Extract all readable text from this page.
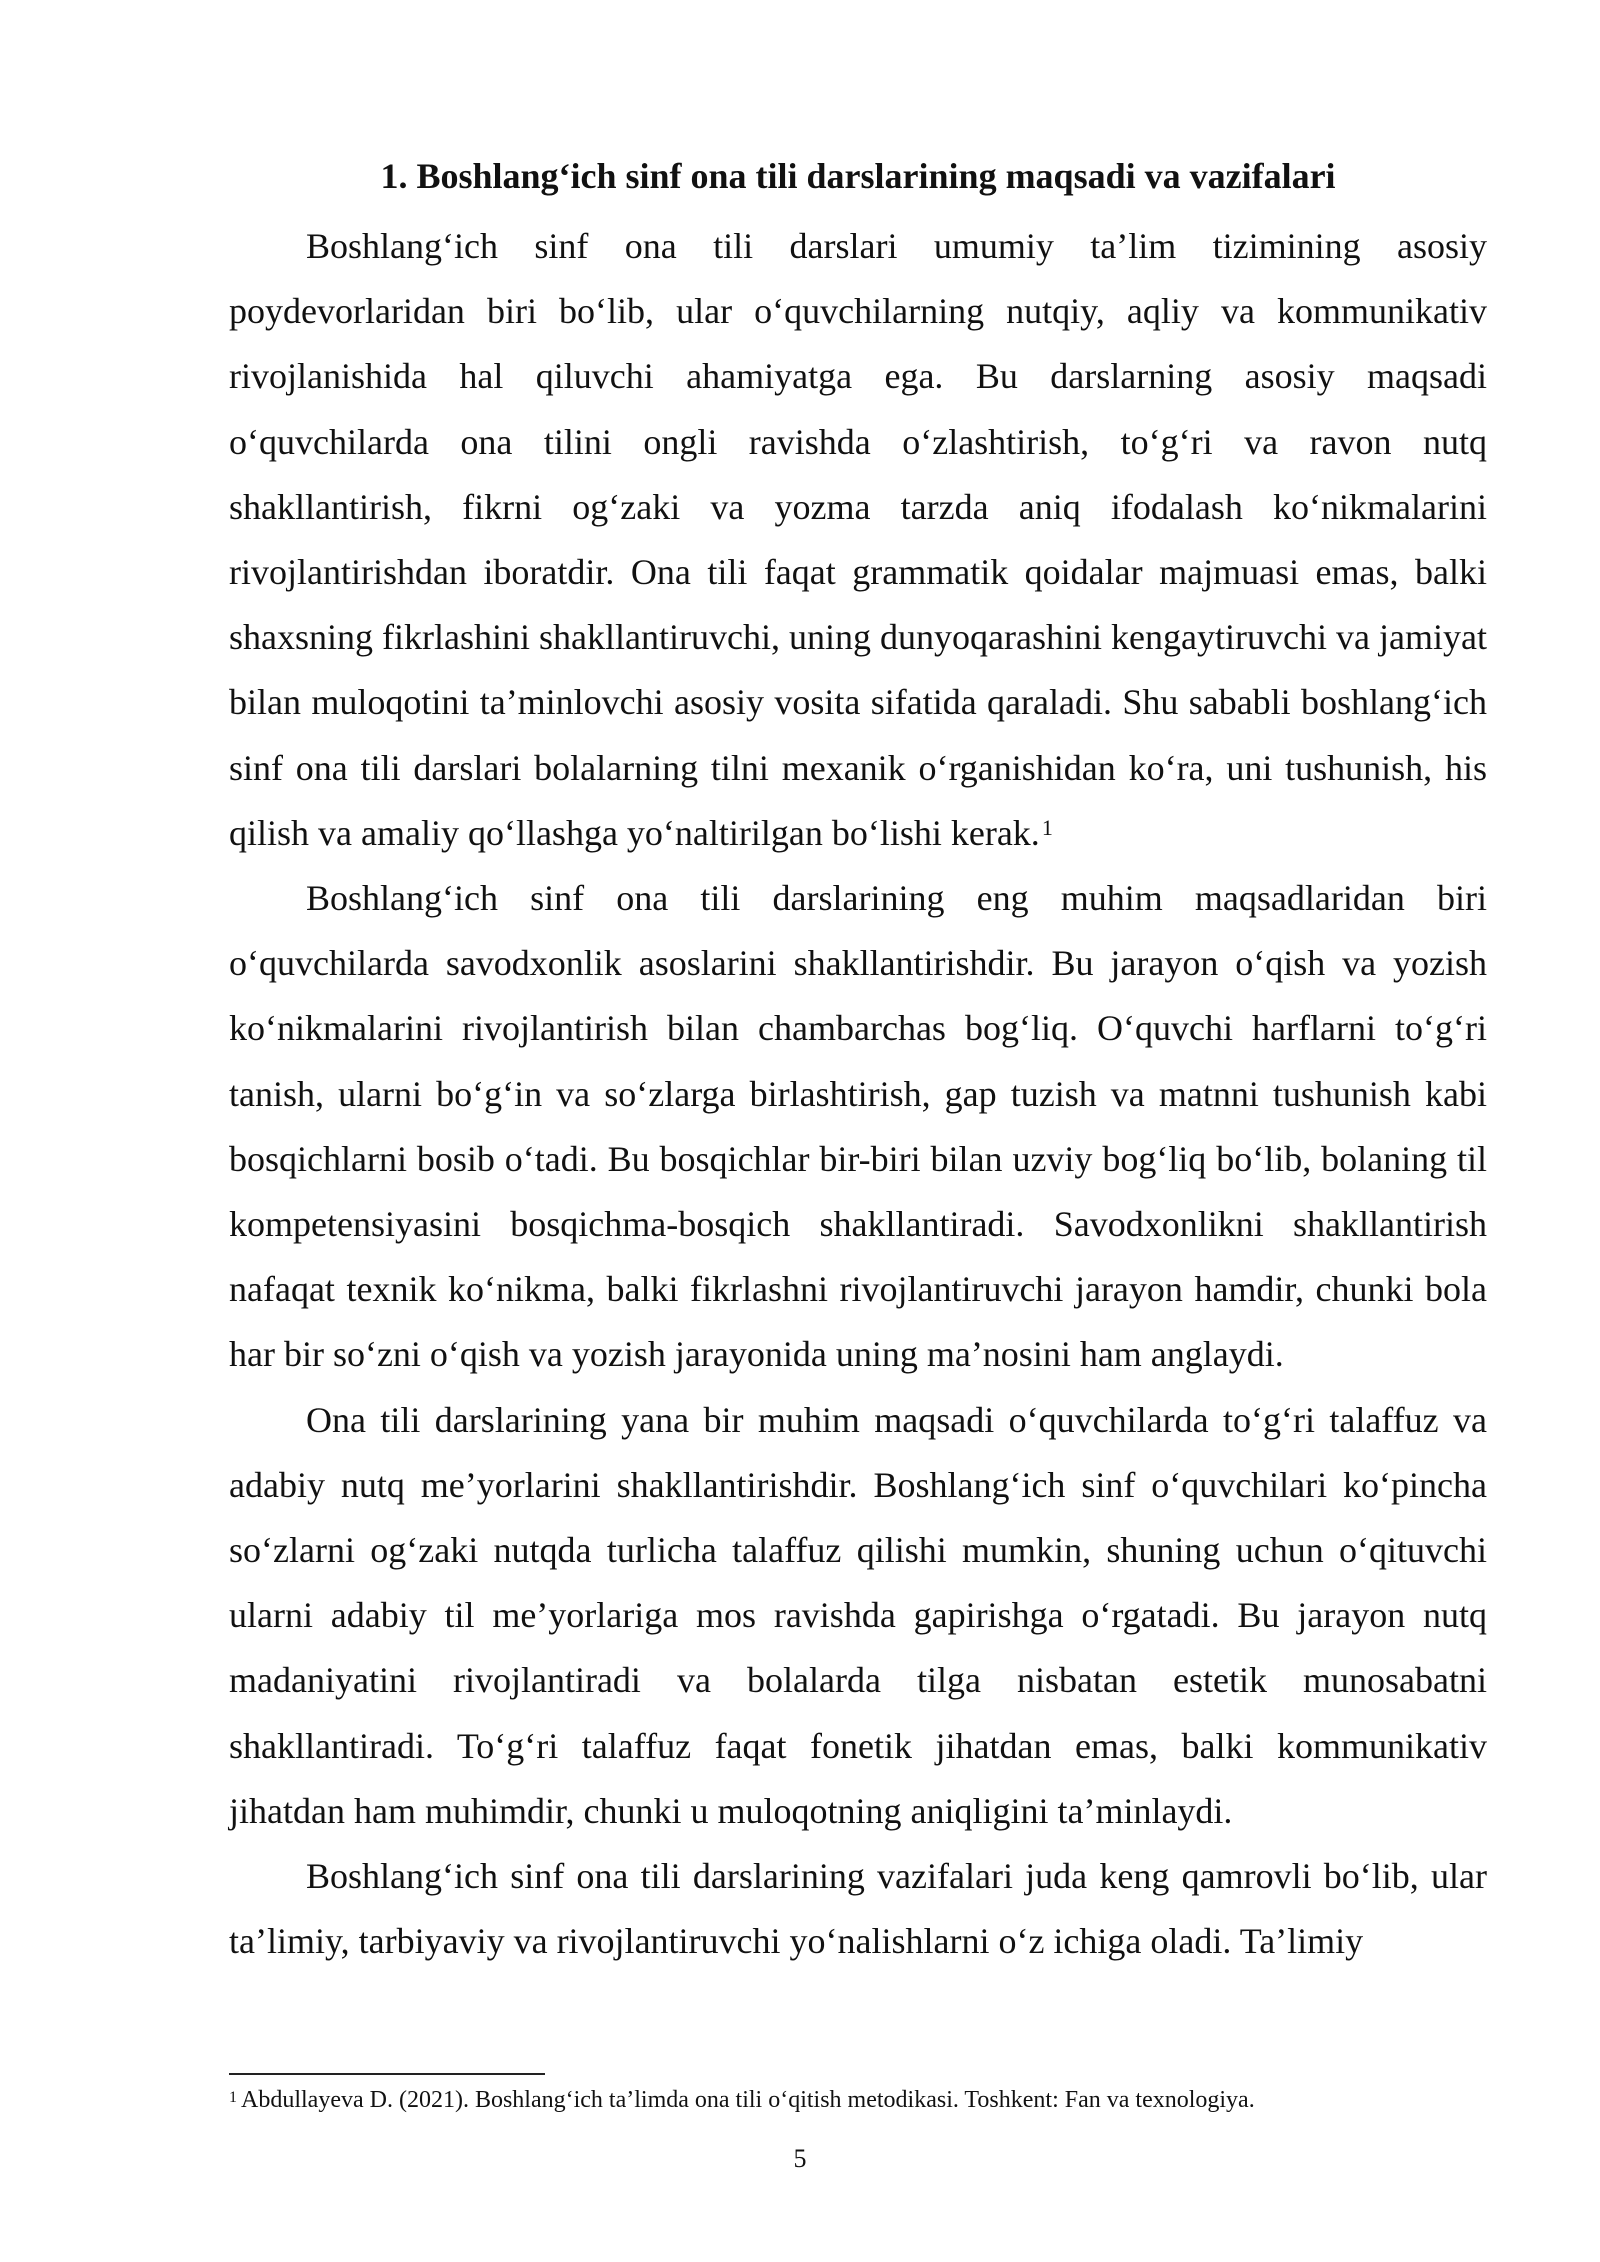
1. Boshlang‘ich sinf ona tili darslarining maqsadi va vazifalari

Boshlang‘ich sinf ona tili darslari umumiy ta’lim tizimining asosiy poydevorlaridan biri bo‘lib, ular o‘quvchilarning nutqiy, aqliy va kommunikativ rivojlanishida hal qiluvchi ahamiyatga ega. Bu darslarning asosiy maqsadi o‘quvchilarda ona tilini ongli ravishda o‘zlashtirish, to‘g‘ri va ravon nutq shakllantirish, fikrni og‘zaki va yozma tarzda aniq ifodalash ko‘nikmalarini rivojlantirishdan iboratdir. Ona tili faqat grammatik qoidalar majmuasi emas, balki shaxsning fikrlashini shakllantiruvchi, uning dunyoqarashini kengaytiruvchi va jamiyat bilan muloqotini ta’minlovchi asosiy vosita sifatida qaraladi. Shu sababli boshlang‘ich sinf ona tili darslari bolalarning tilni mexanik o‘rganishidan ko‘ra, uni tushunish, his qilish va amaliy qo‘llashga yo‘naltirilgan bo‘lishi kerak.$^1$

Boshlang‘ich sinf ona tili darslarining eng muhim maqsadlaridan biri o‘quvchilarda savodxonlik asoslarini shakllantirishdir. Bu jarayon o‘qish va yozish ko‘nikmalarini rivojlantirish bilan chambarchas bog‘liq. O‘quvchi harflarni to‘g‘ri tanish, ularni bo‘g‘in va so‘zlarga birlashtirish, gap tuzish va matnni tushunish kabi bosqichlarni bosib o‘tadi. Bu bosqichlar bir-biri bilan uzviy bog‘liq bo‘lib, bolaning til kompetensiyasini bosqichma-bosqich shakllantiradi. Savodxonlikni shakllantirish nafaqat texnik ko‘nikma, balki fikrlashni rivojlantiruvchi jarayon hamdir, chunki bola har bir so‘zni o‘qish va yozish jarayonida uning ma’nosini ham anglaydi.

Ona tili darslarining yana bir muhim maqsadi o‘quvchilarda to‘g‘ri talaffuz va adabiy nutq me’yorlarini shakllantirishdir. Boshlang‘ich sinf o‘quvchilari ko‘pincha so‘zlarni og‘zaki nutqda turlicha talaffuz qilishi mumkin, shuning uchun o‘qituvchi ularni adabiy til me’yorlariga mos ravishda gapirishga o‘rgatadi. Bu jarayon nutq madaniyatini rivojlantiradi va bolalarda tilga nisbatan estetik munosabatni shakllantiradi. To‘g‘ri talaffuz faqat fonetik jihatdan emas, balki kommunikativ jihatdan ham muhimdir, chunki u muloqotning aniqligini ta’minlaydi.

Boshlang‘ich sinf ona tili darslarining vazifalari juda keng qamrovli bo‘lib, ular ta’limiy, tarbiyaviy va rivojlantiruvchi yo‘nalishlarni o‘z ichiga oladi. Ta’limiy

$^1$ Abdullayeva D. (2021). Boshlang‘ich ta’limda ona tili o‘qitish metodikasi. Toshkent: Fan va texnologiya.
5
